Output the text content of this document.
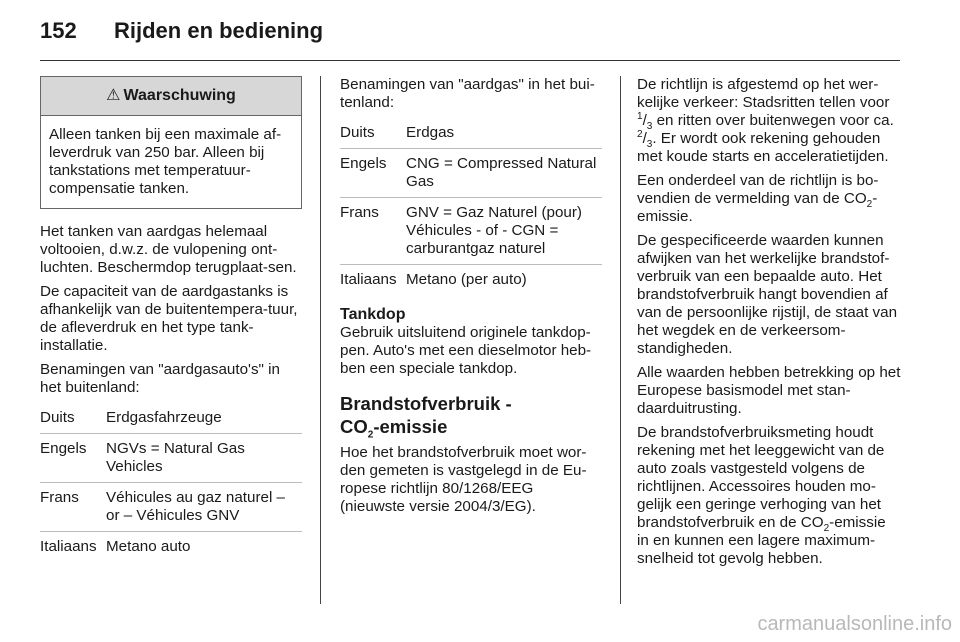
152 Rijden en bediening
⚠ Waarschuwing
Alleen tanken bij een maximale af-leverdruk van 250 bar. Alleen bij tankstations met temperatuur-compensatie tanken.

Het tanken van aardgas helemaal voltooien, d.w.z. de vulopening ont-luchten. Beschermdop terugplaat-sen.

De capaciteit van de aardgastanks is afhankelijk van de buitentempera-tuur, de afleverdruk en het type tank-installatie.

Benamingen van "aardgasauto's" in het buitenland:

Duits	Erdgasfahrzeuge
Engels	NGVs = Natural Gas Vehicles
Frans	Véhicules au gaz naturel – or – Véhicules GNV
Italiaans	Metano auto

Benamingen van "aardgas" in het bui-tenland:

Duits	Erdgas
Engels	CNG = Compressed Natural Gas
Frans	GNV = Gaz Naturel (pour) Véhicules - of - CGN = carburantgaz naturel
Italiaans	Metano (per auto)
Tankdop

Gebruik uitsluitend originele tankdop-pen. Auto's met een dieselmotor heb-ben een speciale tankdop.

Brandstofverbruik -
$CO_2$-emissie

Hoe het brandstofverbruik moet wor-den gemeten is vastgelegd in de Eu-ropese richtlijn 80/1268/EEG (nieuwste versie 2004/3/EG).

De richtlijn is afgestemd op het wer-kelijke verkeer: Stadsritten tellen voor $^1/_3$ en ritten over buitenwegen voor ca. $^2/_3$. Er wordt ook rekening gehouden met koude starts en acceleratietijden.

Een onderdeel van de richtlijn is bo-vendien de vermelding van de $CO_2$-emissie.

De gespecificeerde waarden kunnen afwijken van het werkelijke brandstof-verbruik van een bepaalde auto. Het brandstofverbruik hangt bovendien af van de persoonlijke rijstijl, de staat van het wegdek en de verkeersom-standigheden.

Alle waarden hebben betrekking op het Europese basismodel met stan-daarduitrusting.

De brandstofverbruiksmeting houdt rekening met het leeggewicht van de auto zoals vastgesteld volgens de richtlijnen. Accessoires houden mo-gelijk een geringe verhoging van het brandstofverbruik en de $CO_2$-emissie in en kunnen een lagere maximum-snelheid tot gevolg hebben.

carmanualsonline.info
